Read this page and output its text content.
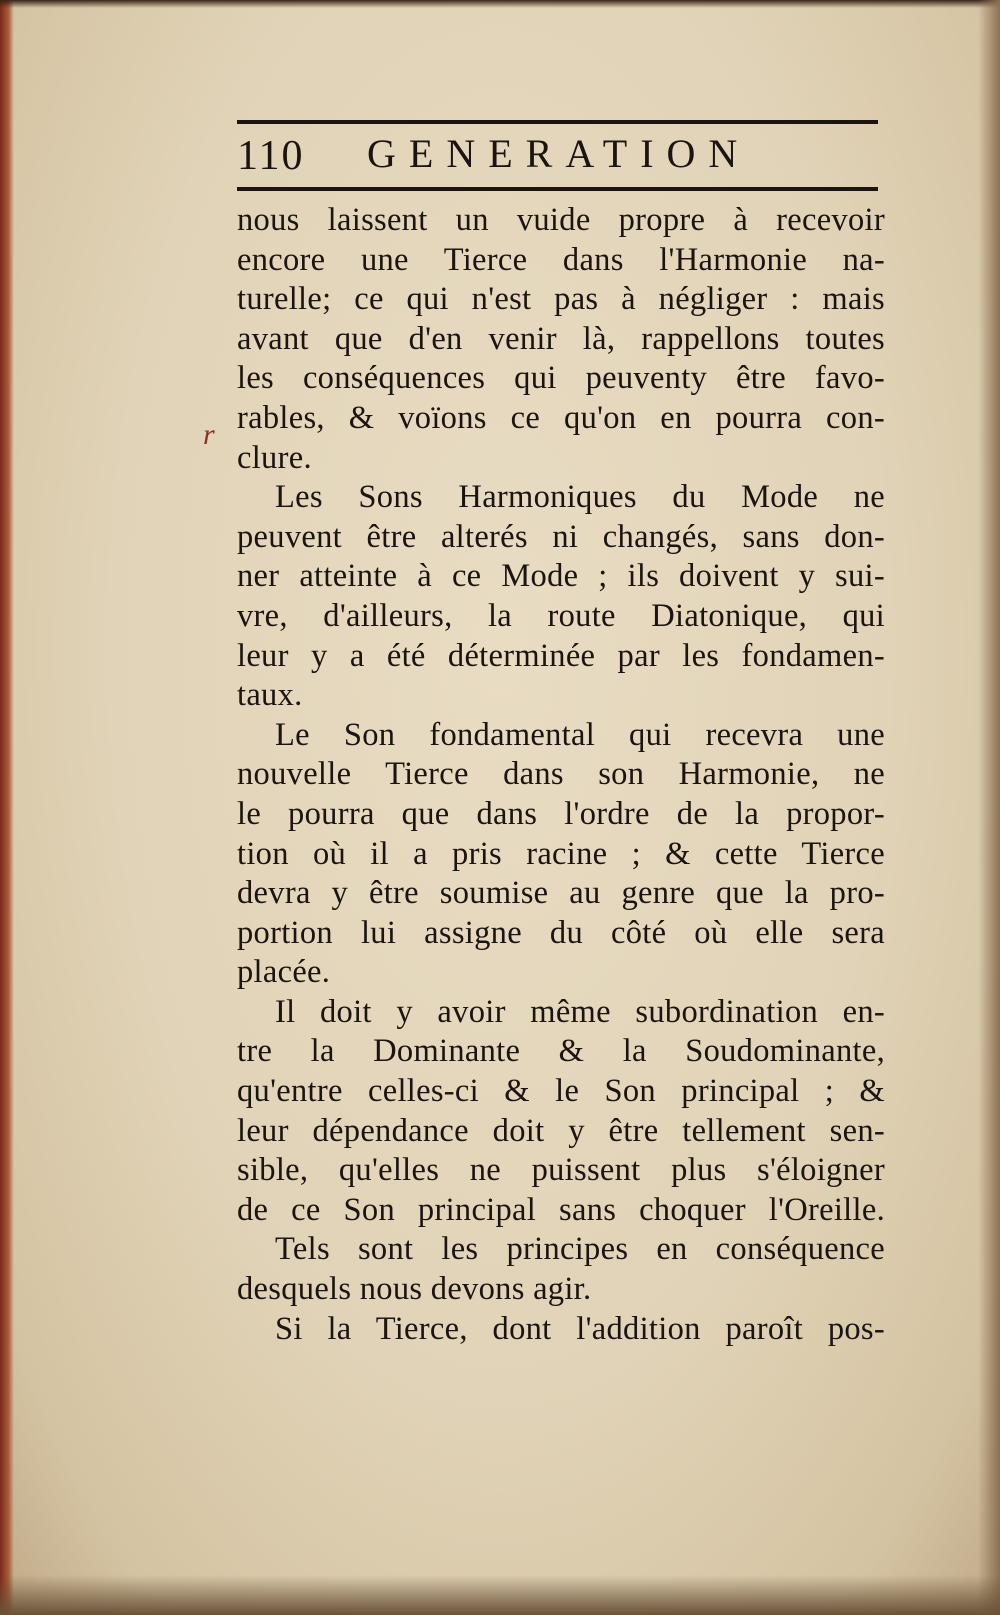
110 GENERATION
r
nous laissent un vuide propre à recevoir
encore une Tierce dans l'Harmonie na-
turelle; ce qui n'est pas à négliger : mais
avant que d'en venir là, rappellons toutes
les conséquences qui peuventy être favo-
rables, & voïons ce qu'on en pourra con-
clure.
Les Sons Harmoniques du Mode ne
peuvent être alterés ni changés, sans don-
ner atteinte à ce Mode ; ils doivent y sui-
vre, d'ailleurs, la route Diatonique, qui
leur y a été déterminée par les fondamen-
taux.
Le Son fondamental qui recevra une
nouvelle Tierce dans son Harmonie, ne
le pourra que dans l'ordre de la propor-
tion où il a pris racine ; & cette Tierce
devra y être soumise au genre que la pro-
portion lui assigne du côté où elle sera
placée.
Il doit y avoir même subordination en-
tre la Dominante & la Soudominante,
qu'entre celles-ci & le Son principal ; &
leur dépendance doit y être tellement sen-
sible, qu'elles ne puissent plus s'éloigner
de ce Son principal sans choquer l'Oreille.
Tels sont les principes en conséquence
desquels nous devons agir.
Si la Tierce, dont l'addition paroît pos-
